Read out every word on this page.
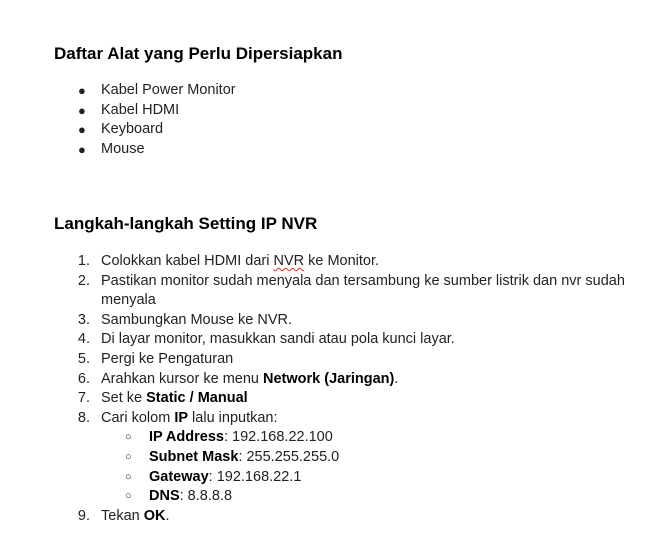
Daftar Alat yang Perlu Dipersiapkan
● Kabel Power Monitor
● Kabel HDMI
● Keyboard
● Mouse
Langkah-langkah Setting IP NVR
1. Colokkan kabel HDMI dari NVR ke Monitor.
2. Pastikan monitor sudah menyala dan tersambung ke sumber listrik dan nvr sudah menyala
3. Sambungkan Mouse ke NVR.
4. Di layar monitor, masukkan sandi atau pola kunci layar.
5. Pergi ke Pengaturan
6. Arahkan kursor ke menu Network (Jaringan).
7. Set ke Static / Manual
8. Cari kolom IP lalu inputkan:
○ IP Address: 192.168.22.100
○ Subnet Mask: 255.255.255.0
○ Gateway: 192.168.22.1
○ DNS: 8.8.8.8
9. Tekan OK.
